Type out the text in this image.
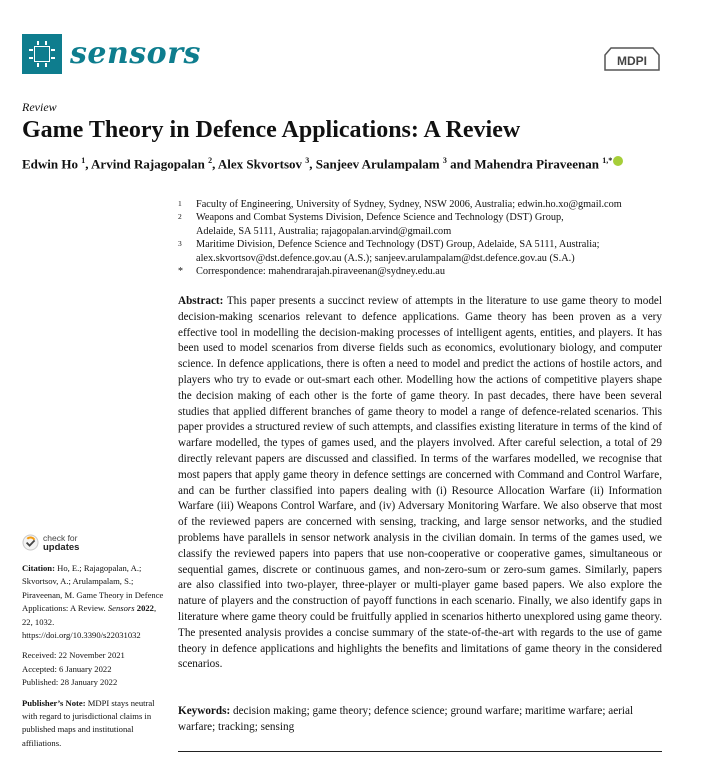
sensors	MDPI
Review
Game Theory in Defence Applications: A Review
Edwin Ho $^1$, Arvind Rajagopalan $^2$, Alex Skvortsov $^3$, Sanjeev Arulampalam $^3$ and Mahendra Piraveenan $^{1,*}$
1 Faculty of Engineering, University of Sydney, Sydney, NSW 2006, Australia; edwin.ho.xo@gmail.com
2 Weapons and Combat Systems Division, Defence Science and Technology (DST) Group,
Adelaide, SA 5111, Australia; rajagopalan.arvind@gmail.com
3 Maritime Division, Defence Science and Technology (DST) Group, Adelaide, SA 5111, Australia;
alex.skvortsov@dst.defence.gov.au (A.S.); sanjeev.arulampalam@dst.defence.gov.au (S.A.)
* Correspondence: mahendrarajah.piraveenan@sydney.edu.au

Abstract: This paper presents a succinct review of attempts in the literature to use game theory to model decision-making scenarios relevant to defence applications. Game theory has been proven as a very effective tool in modelling the decision-making processes of intelligent agents, entities, and players. It has been used to model scenarios from diverse fields such as economics, evolutionary biology, and computer science. In defence applications, there is often a need to model and predict the actions of hostile actors, and players who try to evade or out-smart each other. Modelling how the actions of competitive players shape the decision making of each other is the forte of game theory. In past decades, there have been several studies that applied different branches of game theory to model a range of defence-related scenarios. This paper provides a structured review of such attempts, and classifies existing literature in terms of the kind of warfare modelled, the types of games used, and the players involved. After careful selection, a total of 29 directly relevant papers are discussed and classified. In terms of the warfares modelled, we recognise that most papers that apply game theory in defence settings are concerned with Command and Control Warfare, and can be further classified into papers dealing with (i) Resource Allocation Warfare (ii) Information Warfare (iii) Weapons Control Warfare, and (iv) Adversary Monitoring Warfare. We also observe that most of the reviewed papers are concerned with sensing, tracking, and large sensor networks, and the studied problems have parallels in sensor network analysis in the civilian domain. In terms of the games used, we classify the reviewed papers into papers that use non-cooperative or cooperative games, simultaneous or sequential games, discrete or continuous games, and non-zero-sum or zero-sum games. Similarly, papers are also classified into two-player, three-player or multi-player game based papers. We also explore the nature of players and the construction of payoff functions in each scenario. Finally, we also identify gaps in literature where game theory could be fruitfully applied in scenarios hitherto unexplored using game theory. The presented analysis provides a concise summary of the state-of-the-art with regards to the use of game theory in defence applications and highlights the benefits and limitations of game theory in the considered scenarios.

Keywords: decision making; game theory; defence science; ground warfare; maritime warfare; aerial warfare; tracking; sensing

check for
updates

Citation: Ho, E.; Rajagopalan, A.; Skvortsov, A.; Arulampalam, S.; Piraveenan, M. Game Theory in Defence Applications: A Review. Sensors 2022, 22, 1032. https://doi.org/10.3390/s22031032

Received: 22 November 2021
Accepted: 6 January 2022
Published: 28 January 2022

Publisher’s Note: MDPI stays neutral with regard to jurisdictional claims in published maps and institutional affiliations.
